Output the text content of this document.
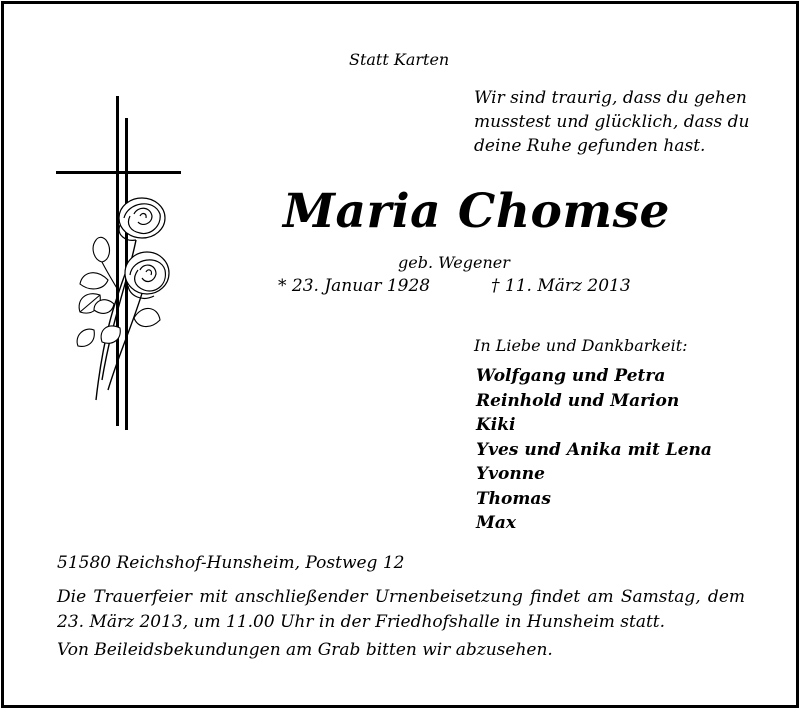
Statt Karten
Wir sind traurig, dass du gehen
musstest und glücklich, dass du
deine Ruhe gefunden hast.
Maria Chomse
geb. Wegener
* 23. Januar 1928	† 11. März 2013
In Liebe und Dankbarkeit:
Wolfgang und Petra
Reinhold und Marion
Kiki
Yves und Anika mit Lena
Yvonne
Thomas
Max
51580 Reichshof-Hunsheim, Postweg 12
Die Trauerfeier mit anschließender Urnenbeisetzung findet am Samstag, dem 23. März 2013, um 11.00 Uhr in der Friedhofshalle in Hunsheim statt.
Von Beileidsbekundungen am Grab bitten wir abzusehen.
